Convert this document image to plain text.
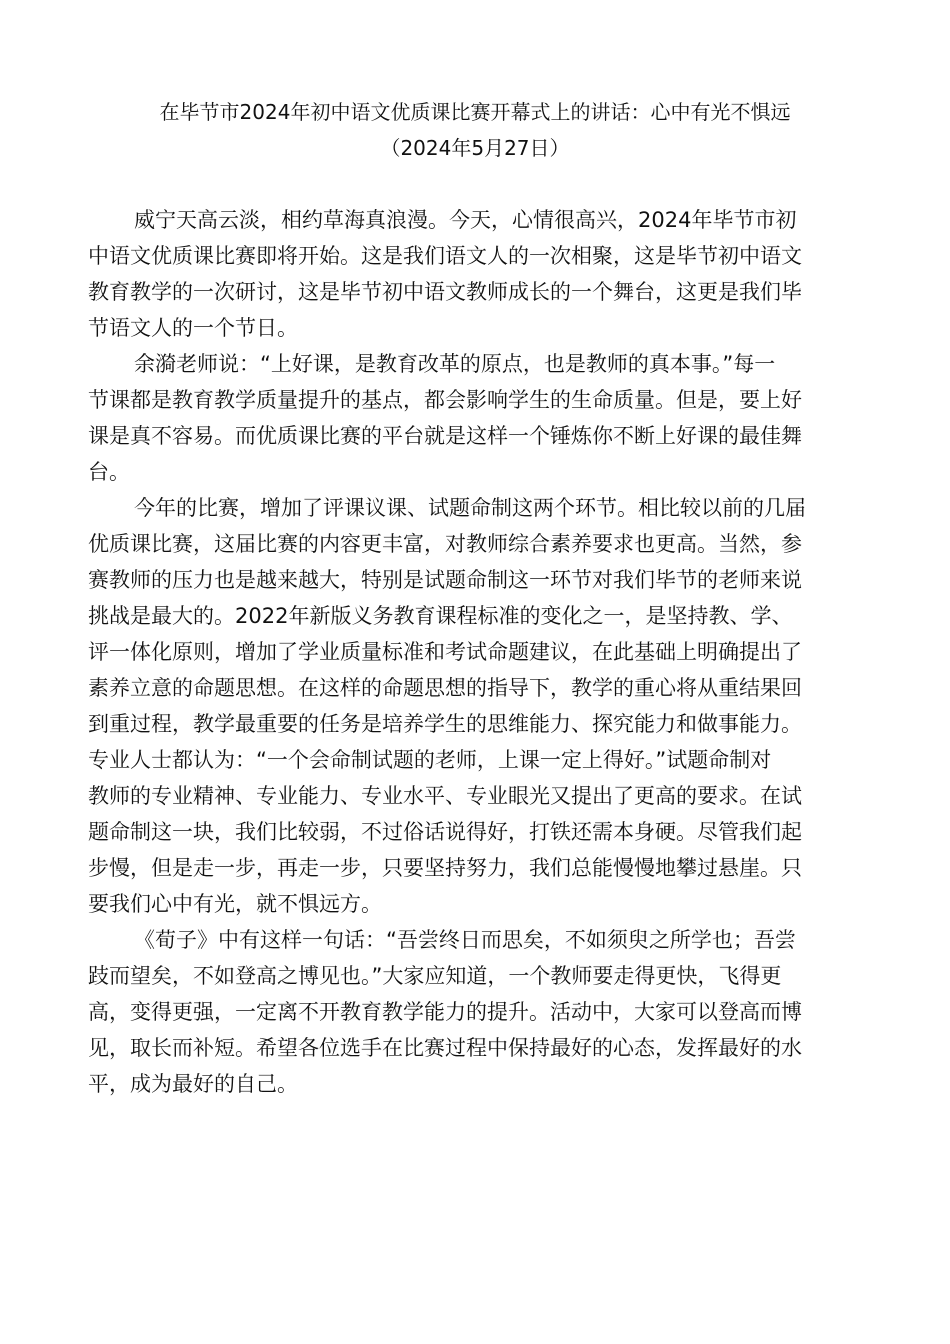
在毕节市2024年初中语文优质课比赛开幕式上的讲话：心中有光不惧远
（2024年5月27日）
威宁天高云淡，相约草海真浪漫。今天，心情很高兴，2024年毕节市初
中语文优质课比赛即将开始。这是我们语文人的一次相聚，这是毕节初中语文
教育教学的一次研讨，这是毕节初中语文教师成长的一个舞台，这更是我们毕
节语文人的一个节日。
余漪老师说：“上好课，是教育改革的原点，也是教师的真本事。”每一
节课都是教育教学质量提升的基点，都会影响学生的生命质量。但是，要上好
课是真不容易。而优质课比赛的平台就是这样一个锤炼你不断上好课的最佳舞
台。
今年的比赛，增加了评课议课、试题命制这两个环节。相比较以前的几届
优质课比赛，这届比赛的内容更丰富，对教师综合素养要求也更高。当然，参
赛教师的压力也是越来越大，特别是试题命制这一环节对我们毕节的老师来说
挑战是最大的。2022年新版义务教育课程标准的变化之一，是坚持教、学、
评一体化原则，增加了学业质量标准和考试命题建议，在此基础上明确提出了
素养立意的命题思想。在这样的命题思想的指导下，教学的重心将从重结果回
到重过程，教学最重要的任务是培养学生的思维能力、探究能力和做事能力。
专业人士都认为：“一个会命制试题的老师，上课一定上得好。”试题命制对
教师的专业精神、专业能力、专业水平、专业眼光又提出了更高的要求。在试
题命制这一块，我们比较弱，不过俗话说得好，打铁还需本身硬。尽管我们起
步慢，但是走一步，再走一步，只要坚持努力，我们总能慢慢地攀过悬崖。只
要我们心中有光，就不惧远方。
《荀子》中有这样一句话：“吾尝终日而思矣，不如须臾之所学也；吾尝
跂而望矣，不如登高之博见也。”大家应知道，一个教师要走得更快，飞得更
高，变得更强，一定离不开教育教学能力的提升。活动中，大家可以登高而博
见，取长而补短。希望各位选手在比赛过程中保持最好的心态，发挥最好的水
平，成为最好的自己。
